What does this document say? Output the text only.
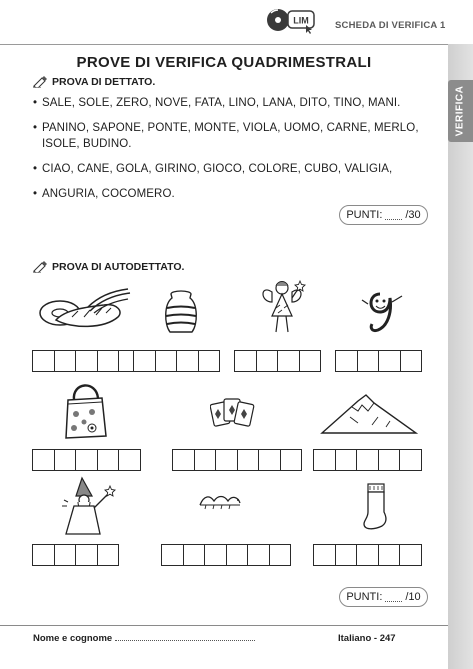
LIM	SCHEDA DI VERIFICA 1
VERIFICA
PROVE DI VERIFICA QUADRIMESTRALI
PROVA DI DETTATO.
• SALE, SOLE, ZERO, NOVE, FATA, LINO, LANA, DITO, TINO, MANI.
• PANINO, SAPONE, PONTE, MONTE, VIOLA, UOMO, CARNE, MERLO, ISOLE, BUDINO.
• CIAO, CANE, GOLA, GIRINO, GIOCO, COLORE, CUBO, VALIGIA,
• ANGURIA, COCOMERO.
PUNTI: /30
PROVA DI AUTODETTATO.
PUNTI: /10
Nome e cognome	Italiano - 247
